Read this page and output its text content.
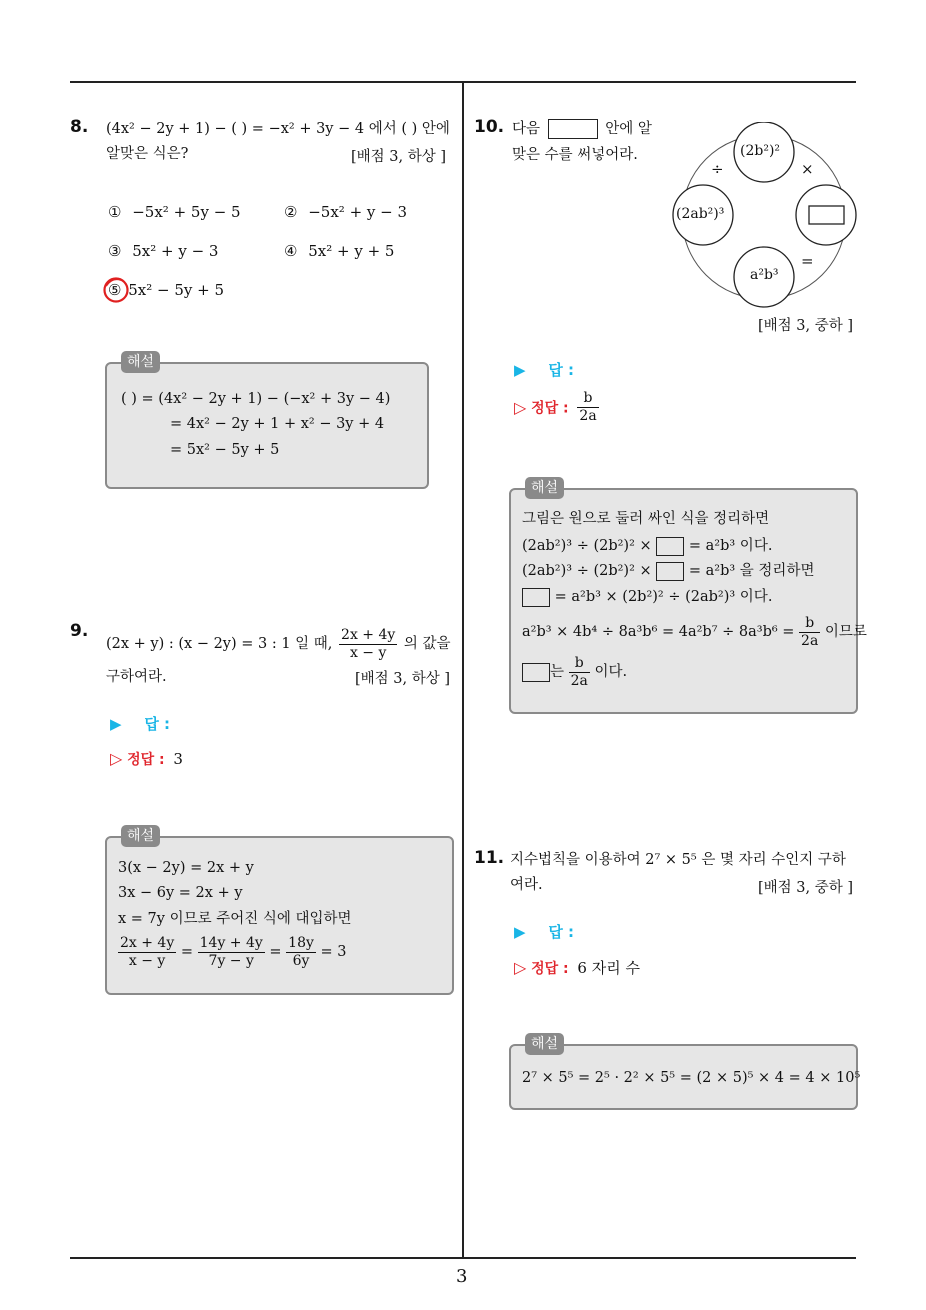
3
8. (4x² − 2y + 1) − ( ) = −x² + 3y − 4 에서 ( ) 안에
알맞은 식은?	[배점 3, 하상 ]
① −5x² + 5y − 5	② −5x² + y − 3
③ 5x² + y − 3	④ 5x² + y + 5
⑤ 5x² − 5y + 5
해설
( ) = (4x² − 2y + 1) − (−x² + 3y − 4)
= 4x² − 2y + 1 + x² − 3y + 4
= 5x² − 5y + 5
9.
(2x + y) : (x − 2y) = 3 : 1 일 때, $\frac{2x + 4y}{x - y}$ 의 값을
구하여라.	[배점 3, 하상 ]
▶ 답 :
▷ 정답 : 3
해설
3(x − 2y) = 2x + y
3x − 6y = 2x + y
x = 7y 이므로 주어진 식에 대입하면
$\frac{2x + 4y}{x - y} = \frac{14y + 4y}{7y - y} = \frac{18y}{6y} = 3$
10. 다음	안에 알
맞은 수를 써넣어라.	(2b²)²
(2ab²)³
a²b³
÷	×
=
[배점 3, 중하 ]
▶ 답 :
▷ 정답 : $\frac{b}{2a}$
해설
그림은 원으로 둘러 싸인 식을 정리하면
(2ab²)³ ÷ (2b²)² ×	= a²b³ 이다.
(2ab²)³ ÷ (2b²)² ×	= a²b³ 을 정리하면
= a²b³ × (2b²)² ÷ (2ab²)³ 이다.
$a^2b^3 \times 4b^4 \div 8a^3b^6 = 4a^2b^7 \div 8a^3b^6 = \frac{b}{2a}$ 이므로
는 $\frac{b}{2a}$ 이다.
11. 지수법칙을 이용하여 2⁷ × 5⁵ 은 몇 자리 수인지 구하
여라.	[배점 3, 중하 ]
▶ 답 :
▷ 정답 : 6 자리 수
해설
2⁷ × 5⁵ = 2⁵ · 2² × 5⁵ = (2 × 5)⁵ × 4 = 4 × 10⁵
